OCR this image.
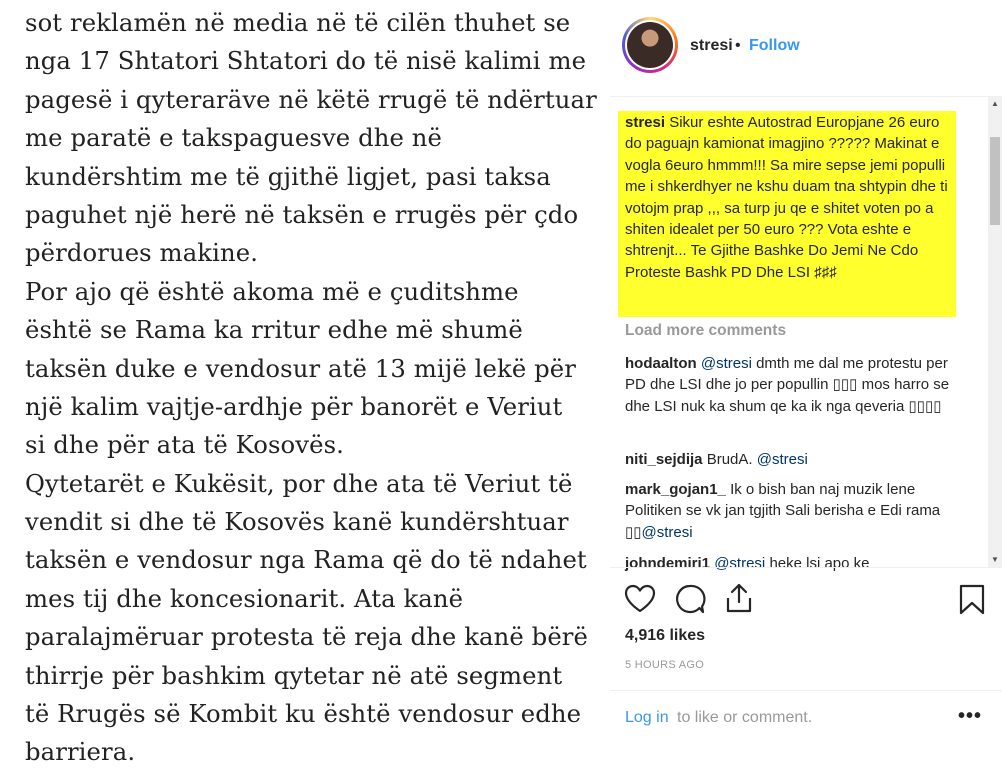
sot reklamën në media në të cilën thuhet se
nga 17 Shtatori Shtatori do të nisë kalimi me
pagesë i qyteraräve në këtë rrugë të ndërtuar
me paratë e takspaguesve dhe në
kundërshtim me të gjithë ligjet, pasi taksa
paguhet një herë në taksën e rrugës për çdo
përdorues makine.
Por ajo që është akoma më e çuditshme
është se Rama ka rritur edhe më shumë
taksën duke e vendosur atë 13 mijë lekë për
një kalim vajtje-ardhje për banorët e Veriut
si dhe për ata të Kosovës.
Qytetarët e Kukësit, por dhe ata të Veriut të
vendit si dhe të Kosovës kanë kundërshtuar
taksën e vendosur nga Rama që do të ndahet
mes tij dhe koncesionarit. Ata kanë
paralajmëruar protesta të reja dhe kanë bërë
thirrje për bashkim qytetar në atë segment
të Rrugës së Kombit ku është vendosur edhe
barriera.
stresi • Follow
stresi Sikur eshte Autostrad Europjane 26 euro do paguajn kamionat imagjino ????? Makinat e vogla 6euro hmmm!!! Sa mire sepse jemi populli me i shkerdhyer ne kshu duam tna shtypin dhe ti votojm prap ,,, sa turp ju qe e shitet voten po a shiten idealet per 50 euro ??? Vota eshte e shtrenjt... Te Gjithe Bashke Do Jemi Ne Cdo Proteste Bashk PD Dhe LSI ♯♯♯
Load more comments
hodaalton @stresi dmth me dal me protestu per PD dhe LSI dhe jo per popullin ▯▯▯ mos harro se dhe LSI nuk ka shum qe ka ik nga qeveria ▯▯▯▯
niti_sejdija BrudA. @stresi
mark_gojan1_ Ik o bish ban naj muzik lene Politiken se vk jan tgjith Sali berisha e Edi rama ▯▯@stresi
johndemiri1 @stresi heke lsi apo ke
▲
▼
4,916 likes
5 HOURS AGO
Log in to like or comment.	•••
